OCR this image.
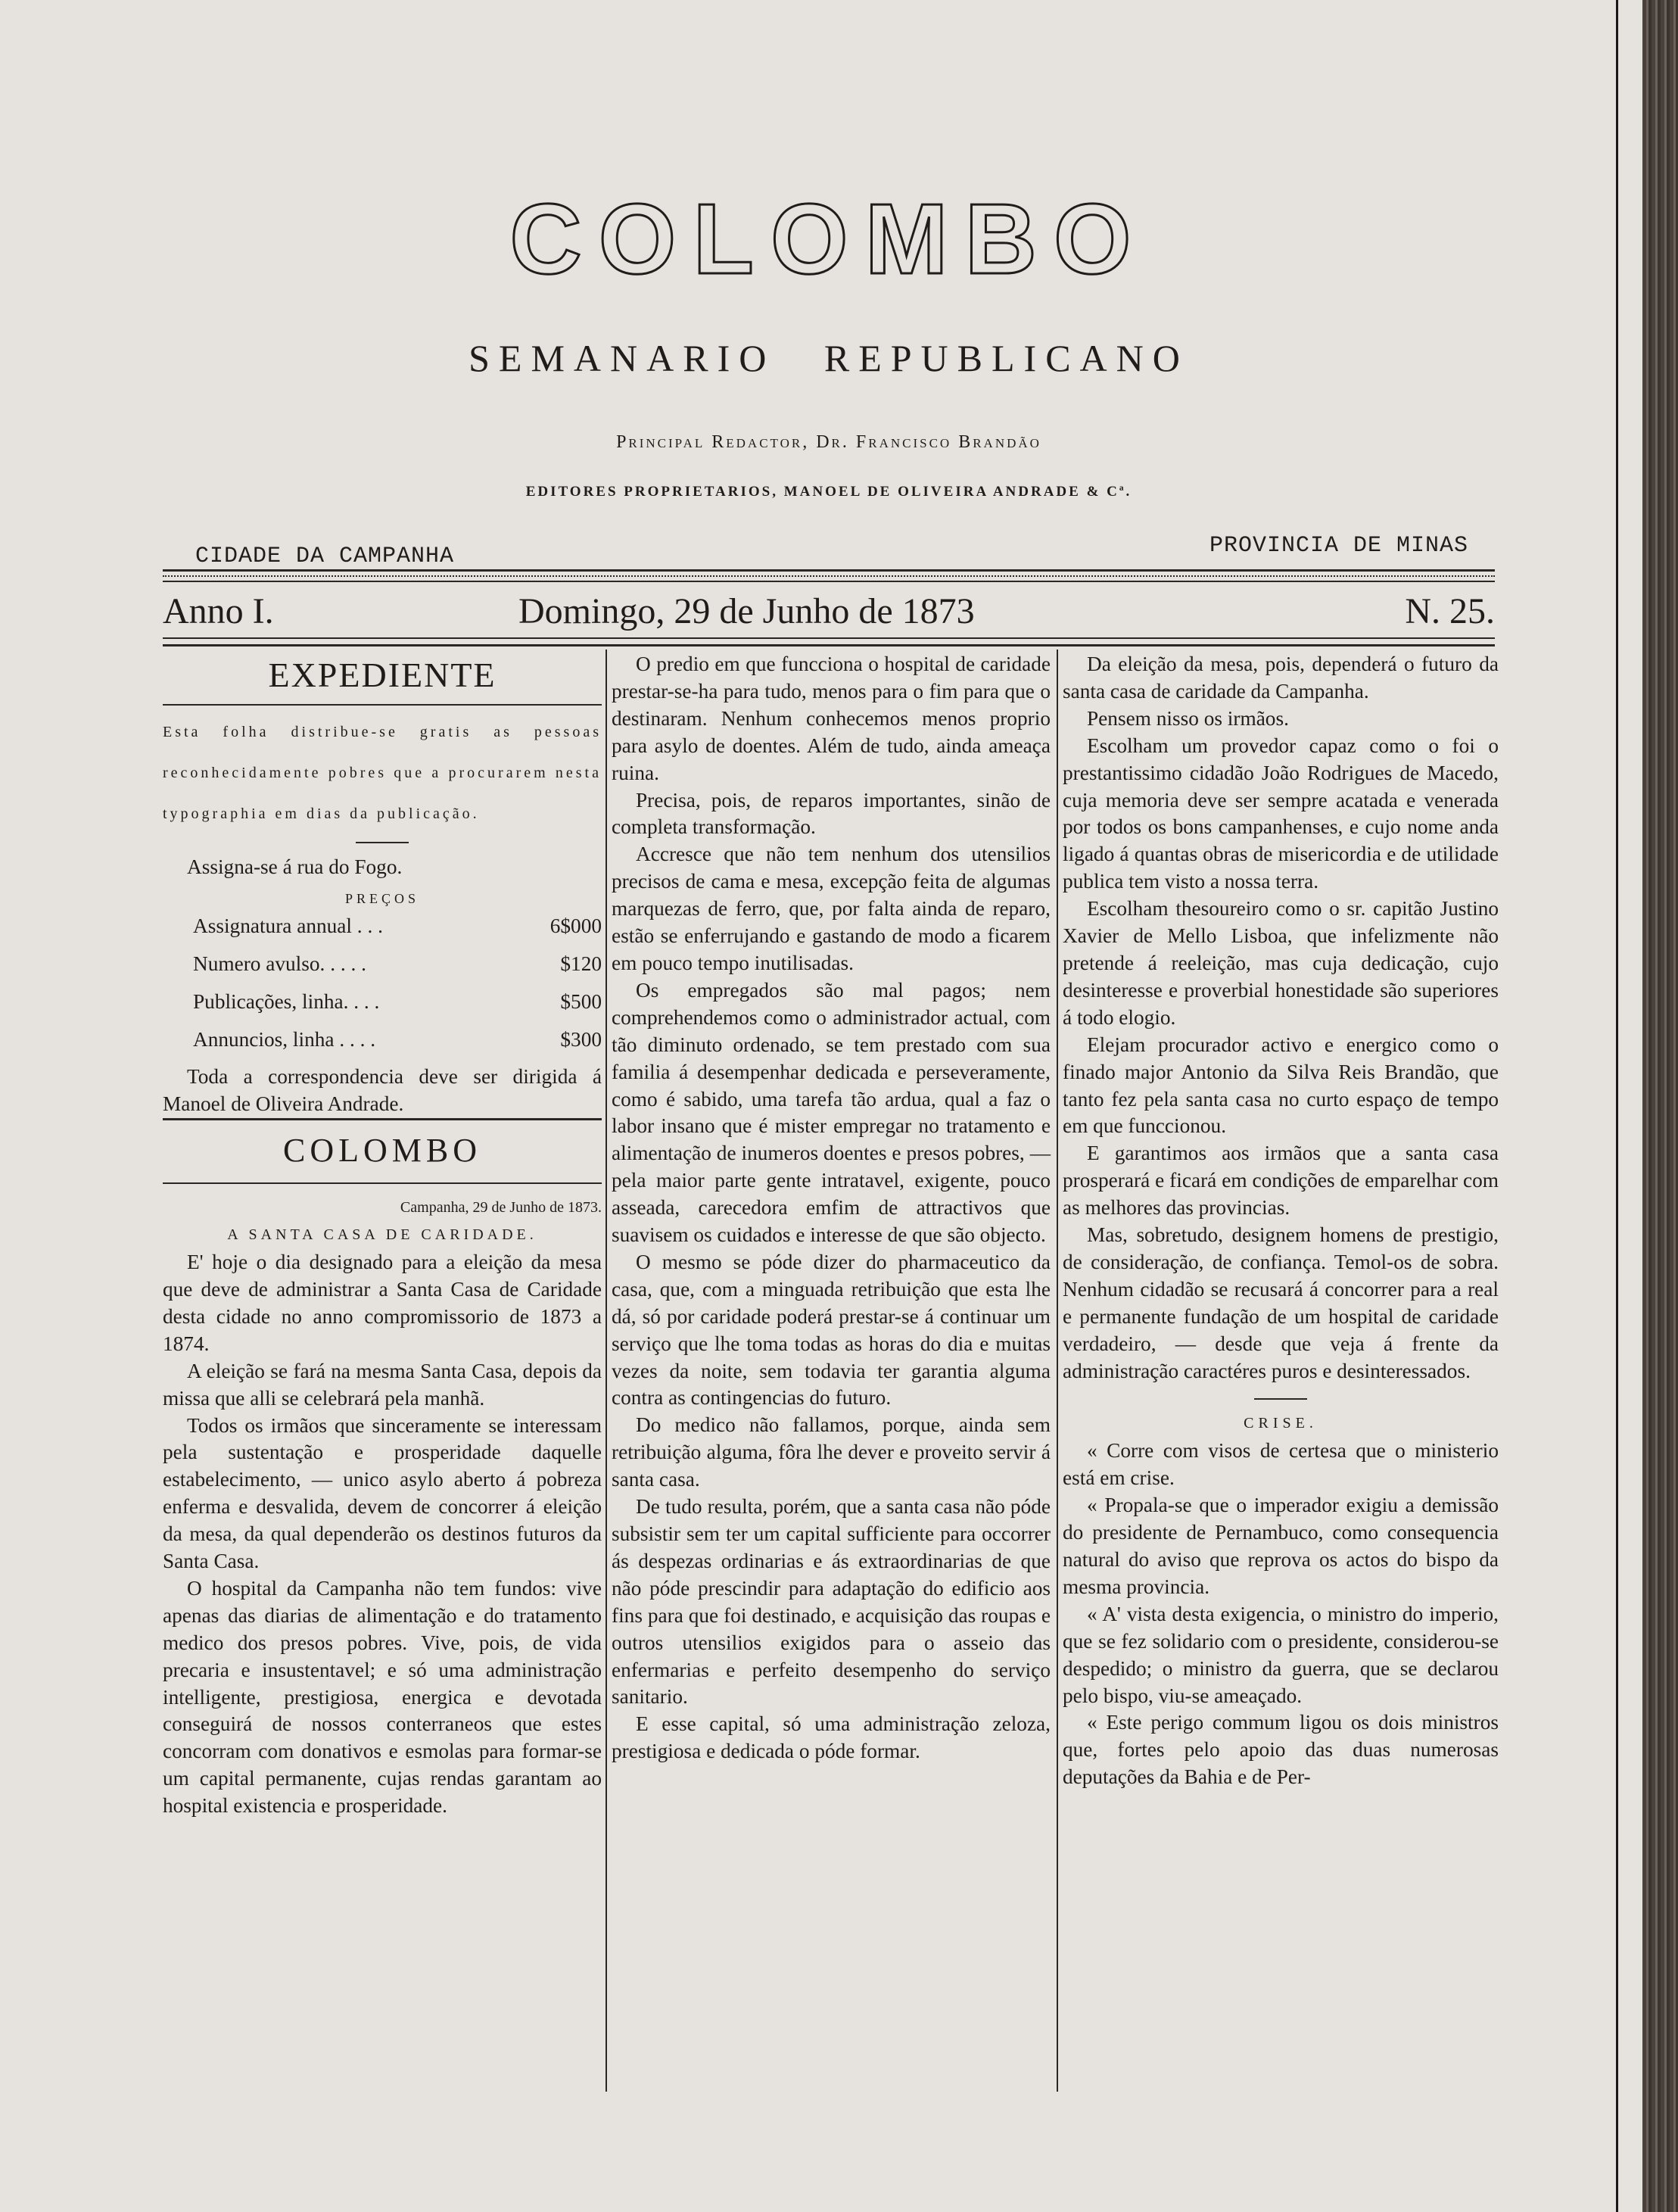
COLOMBO
SEMANARIO REPUBLICANO
Principal Redactor, Dr. Francisco Brandão
EDITORES PROPRIETARIOS, MANOEL DE OLIVEIRA ANDRADE & Cª.
CIDADE DA CAMPANHA	PROVINCIA DE MINAS
Anno I.	Domingo, 29 de Junho de 1873	N. 25.
EXPEDIENTE

Esta folha distribue-se gratis as pessoas reconhecidamente pobres que a procurarem nesta typographia em dias da publicação.

Assigna-se á rua do Fogo.

PREÇOS

Assignatura annual . . .	6$000
Numero avulso. . . . .	$120
Publicações, linha. . . .	$500
Annuncios, linha . . . .	$300

Toda a correspondencia deve ser dirigida á Manoel de Oliveira Andrade.

COLOMBO

Campanha, 29 de Junho de 1873.

A SANTA CASA DE CARIDADE.

E' hoje o dia designado para a eleição da mesa que deve de administrar a Santa Casa de Caridade desta cidade no anno compromissorio de 1873 a 1874.

A eleição se fará na mesma Santa Casa, depois da missa que alli se celebrará pela manhã.

Todos os irmãos que sinceramente se interessam pela sustentação e prosperidade daquelle estabelecimento, — unico asylo aberto á pobreza enferma e desvalida, devem de concorrer á eleição da mesa, da qual dependerão os destinos futuros da Santa Casa.

O hospital da Campanha não tem fundos: vive apenas das diarias de alimentação e do tratamento medico dos presos pobres. Vive, pois, de vida precaria e insustentavel; e só uma administração intelligente, prestigiosa, energica e devotada conseguirá de nossos conterraneos que estes concorram com donativos e esmolas para formar-se um capital permanente, cujas rendas garantam ao hospital existencia e prosperidade.

O predio em que funcciona o hospital de caridade prestar-se-ha para tudo, menos para o fim para que o destinaram. Nenhum conhecemos menos proprio para asylo de doentes. Além de tudo, ainda ameaça ruina.

Precisa, pois, de reparos importantes, sinão de completa transformação.

Accresce que não tem nenhum dos utensilios precisos de cama e mesa, excepção feita de algumas marquezas de ferro, que, por falta ainda de reparo, estão se enferrujando e gastando de modo a ficarem em pouco tempo inutilisadas.

Os empregados são mal pagos; nem comprehendemos como o administrador actual, com tão diminuto ordenado, se tem prestado com sua familia á desempenhar dedicada e perseveramente, como é sabido, uma tarefa tão ardua, qual a faz o labor insano que é mister empregar no tratamento e alimentação de inumeros doentes e presos pobres, — pela maior parte gente intratavel, exigente, pouco asseada, carecedora emfim de attractivos que suavisem os cuidados e interesse de que são objecto.

O mesmo se póde dizer do pharmaceutico da casa, que, com a minguada retribuição que esta lhe dá, só por caridade poderá prestar-se á continuar um serviço que lhe toma todas as horas do dia e muitas vezes da noite, sem todavia ter garantia alguma contra as contingencias do futuro.

Do medico não fallamos, porque, ainda sem retribuição alguma, fôra lhe dever e proveito servir á santa casa.

De tudo resulta, porém, que a santa casa não póde subsistir sem ter um capital sufficiente para occorrer ás despezas ordinarias e ás extraordinarias de que não póde prescindir para adaptação do edificio aos fins para que foi destinado, e acquisição das roupas e outros utensilios exigidos para o asseio das enfermarias e perfeito desempenho do serviço sanitario.

E esse capital, só uma administração zeloza, prestigiosa e dedicada o póde formar.

Da eleição da mesa, pois, dependerá o futuro da santa casa de caridade da Campanha.

Pensem nisso os irmãos.

Escolham um provedor capaz como o foi o prestantissimo cidadão João Rodrigues de Macedo, cuja memoria deve ser sempre acatada e venerada por todos os bons campanhenses, e cujo nome anda ligado á quantas obras de misericordia e de utilidade publica tem visto a nossa terra.

Escolham thesoureiro como o sr. capitão Justino Xavier de Mello Lisboa, que infelizmente não pretende á reeleição, mas cuja dedicação, cujo desinteresse e proverbial honestidade são superiores á todo elogio.

Elejam procurador activo e energico como o finado major Antonio da Silva Reis Brandão, que tanto fez pela santa casa no curto espaço de tempo em que funccionou.

E garantimos aos irmãos que a santa casa prosperará e ficará em condições de emparelhar com as melhores das provincias.

Mas, sobretudo, designem homens de prestigio, de consideração, de confiança. Temol-os de sobra. Nenhum cidadão se recusará á concorrer para a real e permanente fundação de um hospital de caridade verdadeiro, — desde que veja á frente da administração caractéres puros e desinteressados.

CRISE.

« Corre com visos de certesa que o ministerio está em crise.

« Propala-se que o imperador exigiu a demissão do presidente de Pernambuco, como consequencia natural do aviso que reprova os actos do bispo da mesma provincia.

« A' vista desta exigencia, o ministro do imperio, que se fez solidario com o presidente, considerou-se despedido; o ministro da guerra, que se declarou pelo bispo, viu-se ameaçado.

« Este perigo commum ligou os dois ministros que, fortes pelo apoio das duas numerosas deputações da Bahia e de Per-
